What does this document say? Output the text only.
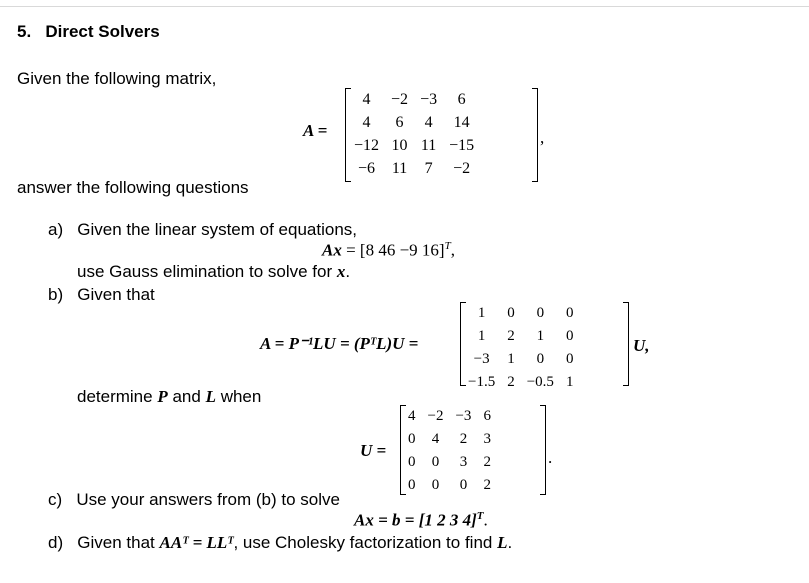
5. Direct Solvers
Given the following matrix,
A =
4	−2	−3	6
4	6	4	14
−12	10	11	−15
−6	11	7	−2
,
answer the following questions
a) Given the linear system of equations,
Ax = [8 46 −9 16]$^T$,
use Gauss elimination to solve for x.
b) Given that
A = P⁻¹LU = (PᵀL)U =
1	0	0	0
1	2	1	0
−3	1	0	0
−1.5	2	−0.5	1
U,
determine P and L when
U =
4	−2	−3	6
0	4	2	3
0	0	3	2
0	0	0	2
.
c) Use your answers from (b) to solve
Ax = b = [1 2 3 4]$^T$.
d) Given that AAᵀ = LLᵀ, use Cholesky factorization to find L.
